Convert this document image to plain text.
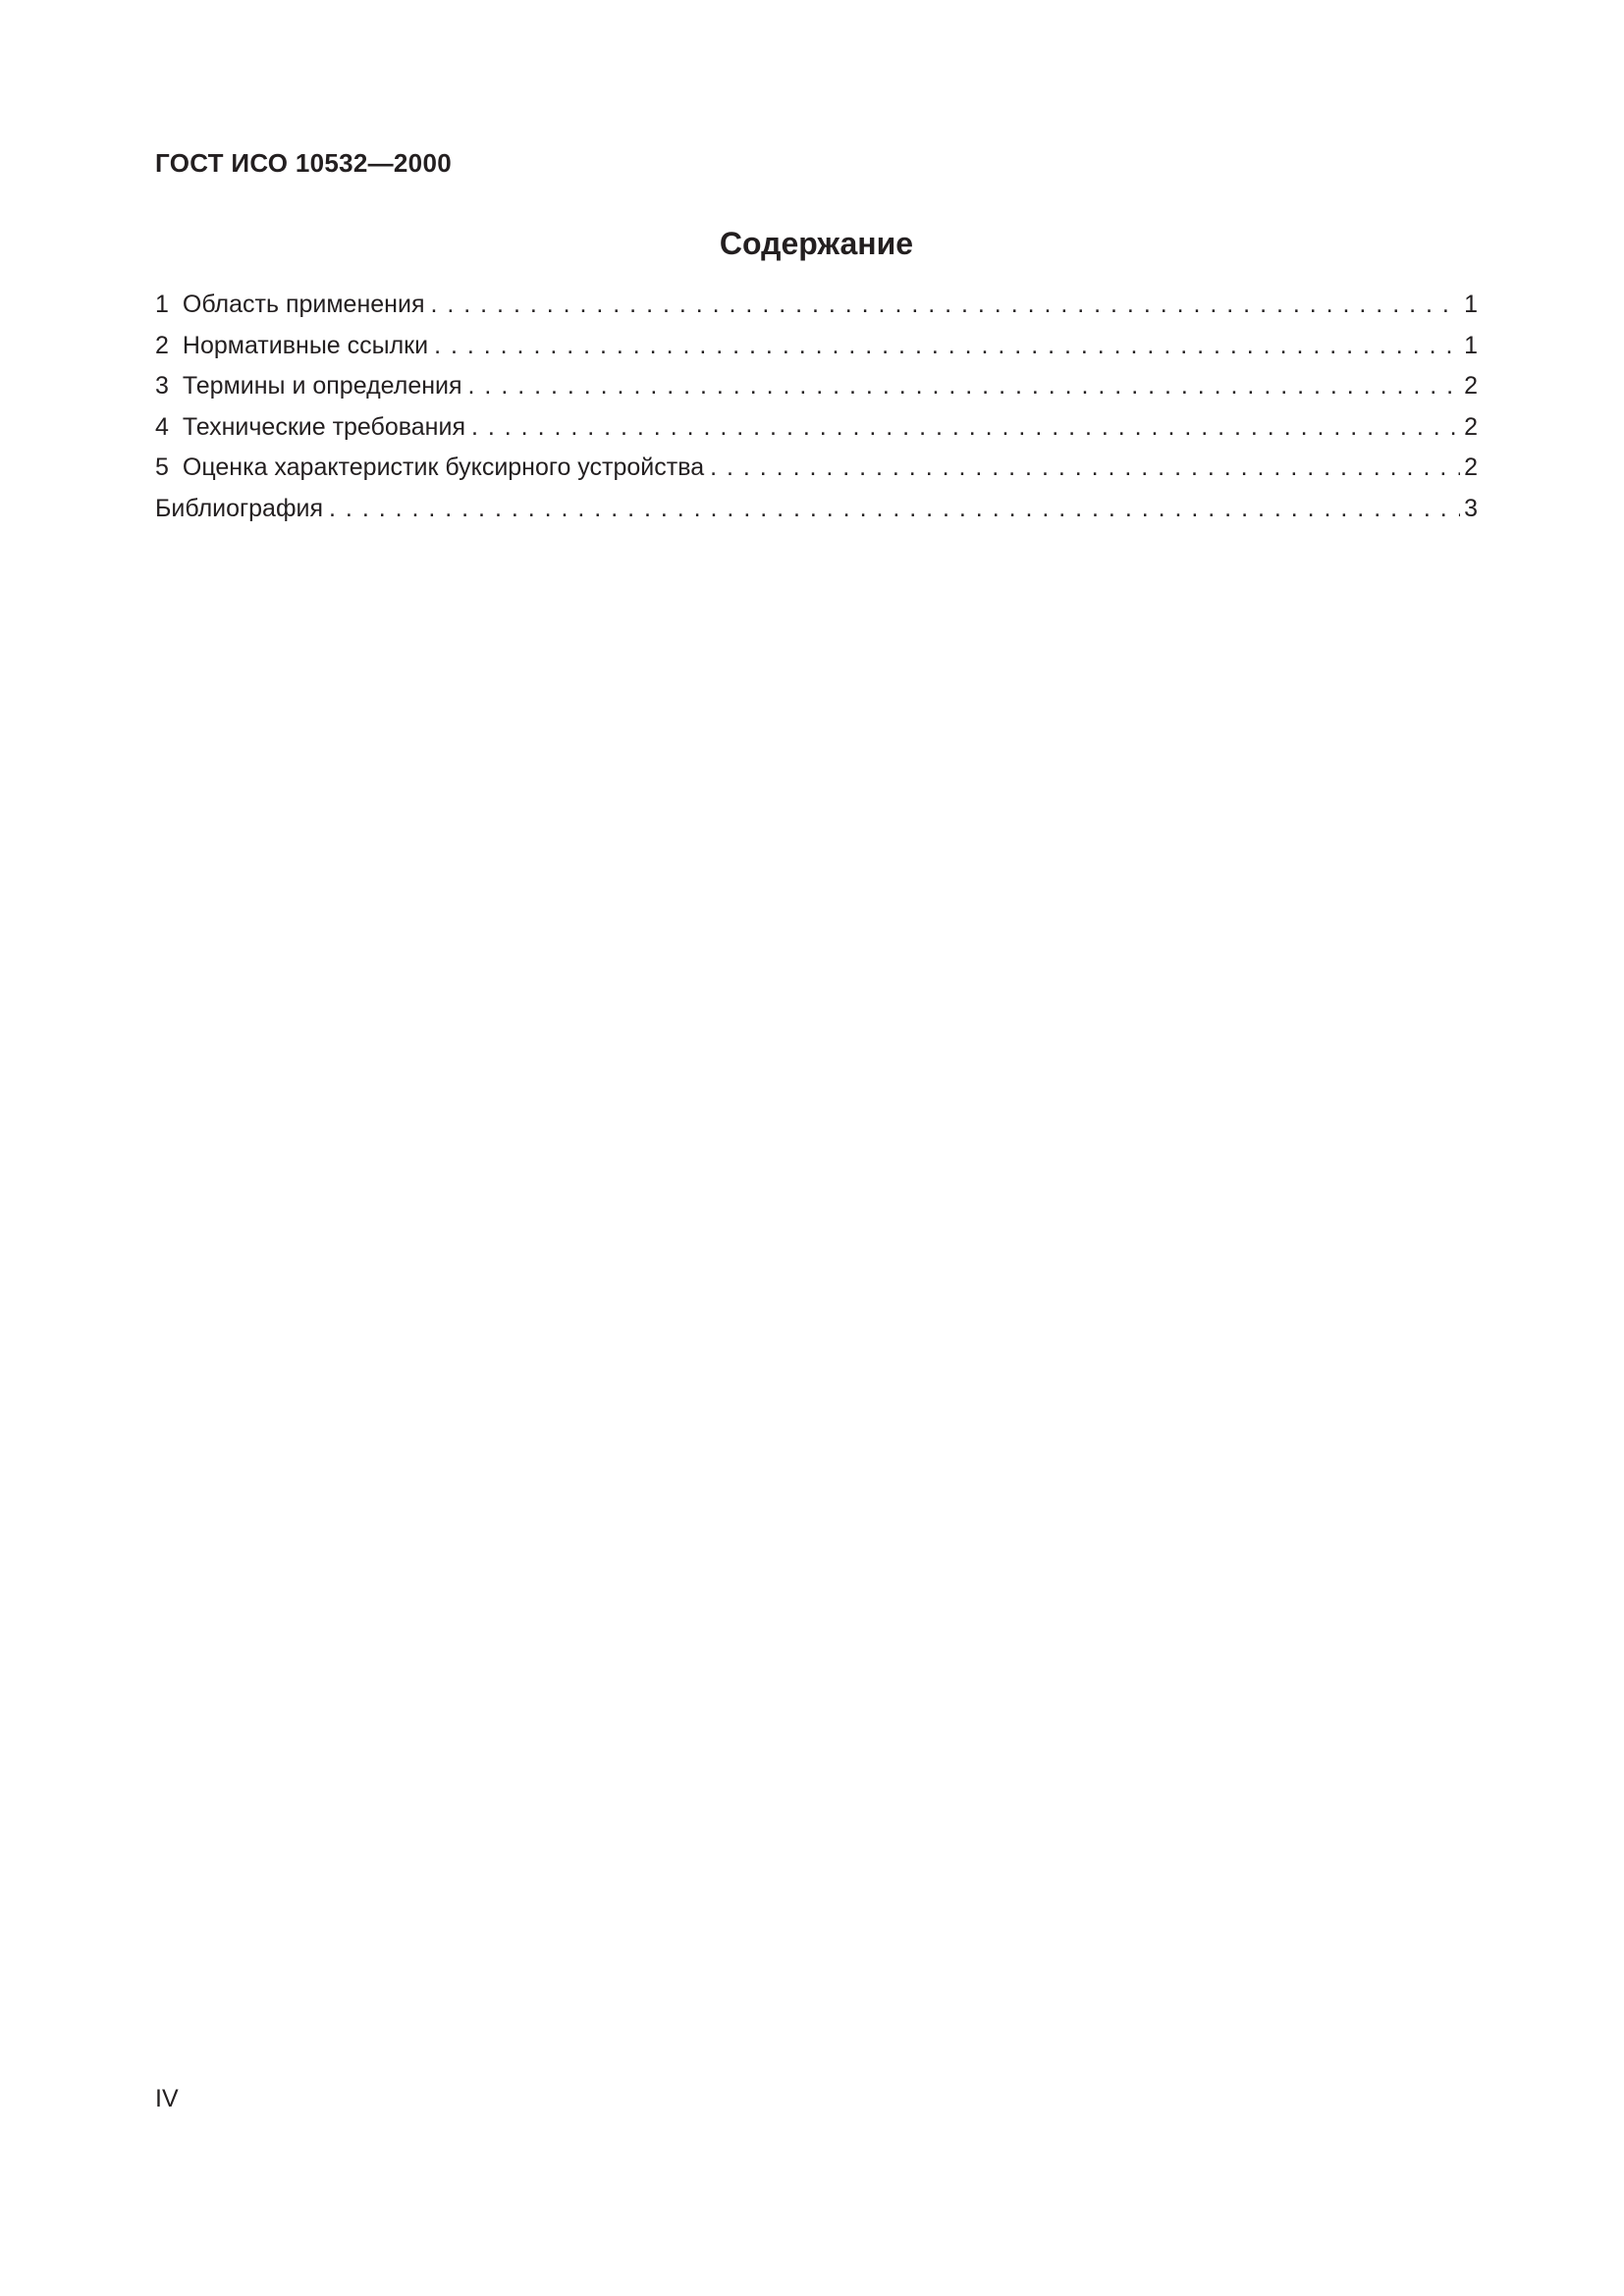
ГОСТ ИСО 10532—2000
Содержание
1 Область применения . . .	1
2 Нормативные ссылки . . .	1
3 Термины и определения . . .	2
4 Технические требования . . .	2
5 Оценка характеристик буксирного устройства . . .	2
Библиография . . .	3
IV
